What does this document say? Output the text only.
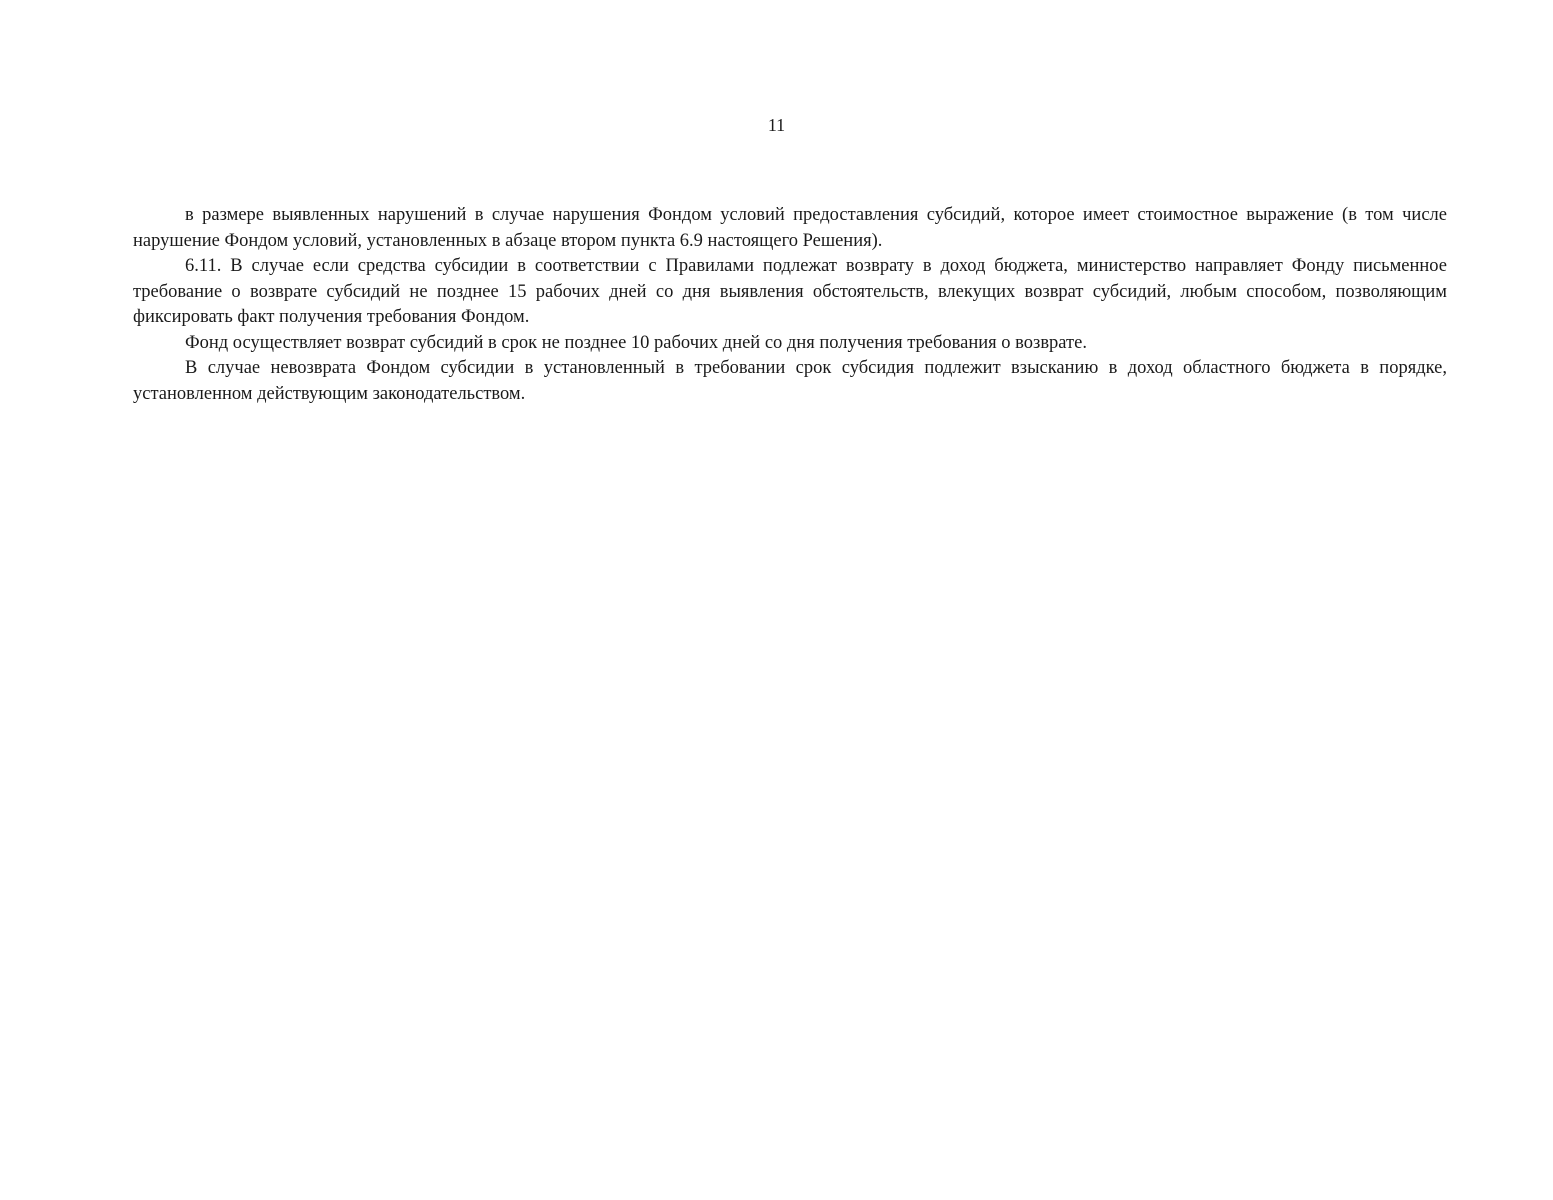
11

в размере выявленных нарушений в случае нарушения Фондом условий предоставления субсидий, которое имеет стоимостное выражение (в том числе нарушение Фондом условий, установленных в абзаце втором пункта 6.9 настоящего Решения).

6.11. В случае если средства субсидии в соответствии с Правилами подлежат возврату в доход бюджета, министерство направляет Фонду письменное требование о возврате субсидий не позднее 15 рабочих дней со дня выявления обстоятельств, влекущих возврат субсидий, любым способом, позволяющим фиксировать факт получения требования Фондом.

Фонд осуществляет возврат субсидий в срок не позднее 10 рабочих дней со дня получения требования о возврате.

В случае невозврата Фондом субсидии в установленный в требовании срок субсидия подлежит взысканию в доход областного бюджета в порядке, установленном действующим законодательством.
